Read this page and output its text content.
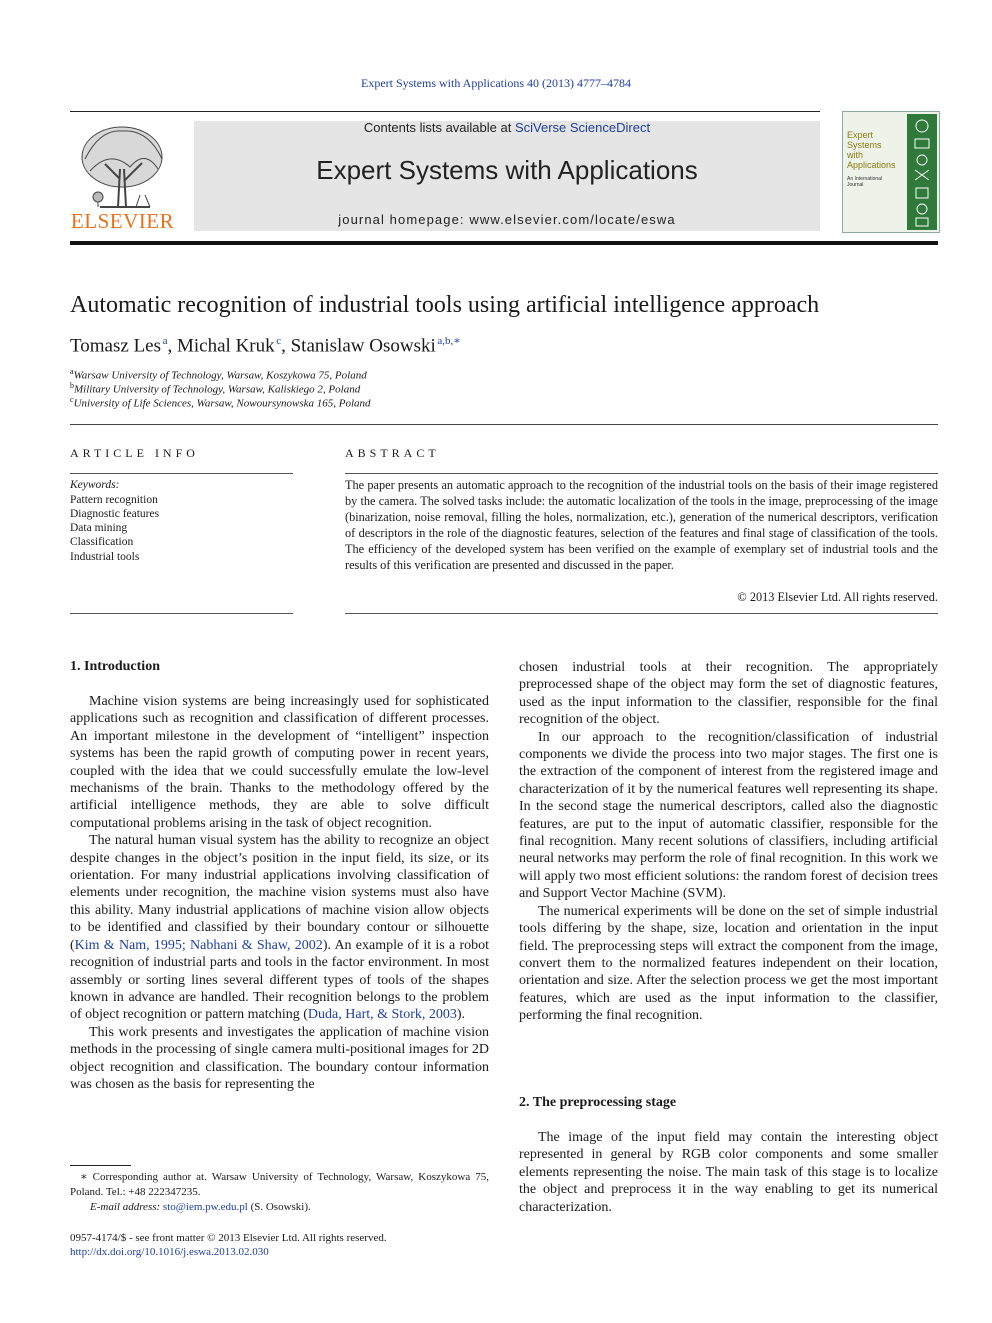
Expert Systems with Applications 40 (2013) 4777–4784
ELSEVIER
Contents lists available at SciVerse ScienceDirect
Expert Systems with Applications
journal homepage: www.elsevier.com/locate/eswa
Expert
Systems
with
Applications
An International
Journal
Automatic recognition of industrial tools using artificial intelligence approach
Tomasz Les  $^a$, Michal Kruk  $^c$, Stanislaw Osowski  $^{a,b,∗}$
$^a$Warsaw University of Technology, Warsaw, Koszykowa 75, Poland
$^b$Military University of Technology, Warsaw, Kaliskiego 2, Poland
$^c$University of Life Sciences, Warsaw, Nowoursynowska 165, Poland
ARTICLE INFO
Keywords:
Pattern recognition
Diagnostic features
Data mining
Classification
Industrial tools
ABSTRACT
The paper presents an automatic approach to the recognition of the industrial tools on the basis of their image registered by the camera. The solved tasks include: the automatic localization of the tools in the image, preprocessing of the image (binarization, noise removal, filling the holes, normalization, etc.), generation of the numerical descriptors, verification of descriptors in the role of the diagnostic features, selection of the features and final stage of classification of the tools. The efficiency of the developed system has been verified on the example of exemplary set of industrial tools and the results of this verification are presented and discussed in the paper.
© 2013 Elsevier Ltd. All rights reserved.
1. Introduction

Machine vision systems are being increasingly used for sophisticated applications such as recognition and classification of different processes. An important milestone in the development of “intelligent” inspection systems has been the rapid growth of computing power in recent years, coupled with the idea that we could successfully emulate the low-level mechanisms of the brain. Thanks to the methodology offered by the artificial intelligence methods, they are able to solve difficult computational problems arising in the task of object recognition.

The natural human visual system has the ability to recognize an object despite changes in the object’s position in the input field, its size, or its orientation. For many industrial applications involving classification of elements under recognition, the machine vision systems must also have this ability. Many industrial applications of machine vision allow objects to be identified and classified by their boundary contour or silhouette (Kim & Nam, 1995; Nabhani & Shaw, 2002). An example of it is a robot recognition of industrial parts and tools in the factor environment. In most assembly or sorting lines several different types of tools of the shapes known in advance are handled. Their recognition belongs to the problem of object recognition or pattern matching (Duda, Hart, & Stork, 2003).

This work presents and investigates the application of machine vision methods in the processing of single camera multi-positional images for 2D object recognition and classification. The boundary contour information was chosen as the basis for representing the

∗ Corresponding author at. Warsaw University of Technology, Warsaw, Koszykowa 75, Poland. Tel.: +48 222347235.
E-mail address: sto@iem.pw.edu.pl (S. Osowski).
0957-4174/$ - see front matter © 2013 Elsevier Ltd. All rights reserved.
http://dx.doi.org/10.1016/j.eswa.2013.02.030

chosen industrial tools at their recognition. The appropriately preprocessed shape of the object may form the set of diagnostic features, used as the input information to the classifier, responsible for the final recognition of the object.

In our approach to the recognition/classification of industrial components we divide the process into two major stages. The first one is the extraction of the component of interest from the registered image and characterization of it by the numerical features well representing its shape. In the second stage the numerical descriptors, called also the diagnostic features, are put to the input of automatic classifier, responsible for the final recognition. Many recent solutions of classifiers, including artificial neural networks may perform the role of final recognition. In this work we will apply two most efficient solutions: the random forest of decision trees and Support Vector Machine (SVM).

The numerical experiments will be done on the set of simple industrial tools differing by the shape, size, location and orientation in the input field. The preprocessing steps will extract the component from the image, convert them to the normalized features independent on their location, orientation and size. After the selection process we get the most important features, which are used as the input information to the classifier, performing the final recognition.

2. The preprocessing stage

The image of the input field may contain the interesting object represented in general by RGB color components and some smaller elements representing the noise. The main task of this stage is to localize the object and preprocess it in the way enabling to get its numerical characterization.
